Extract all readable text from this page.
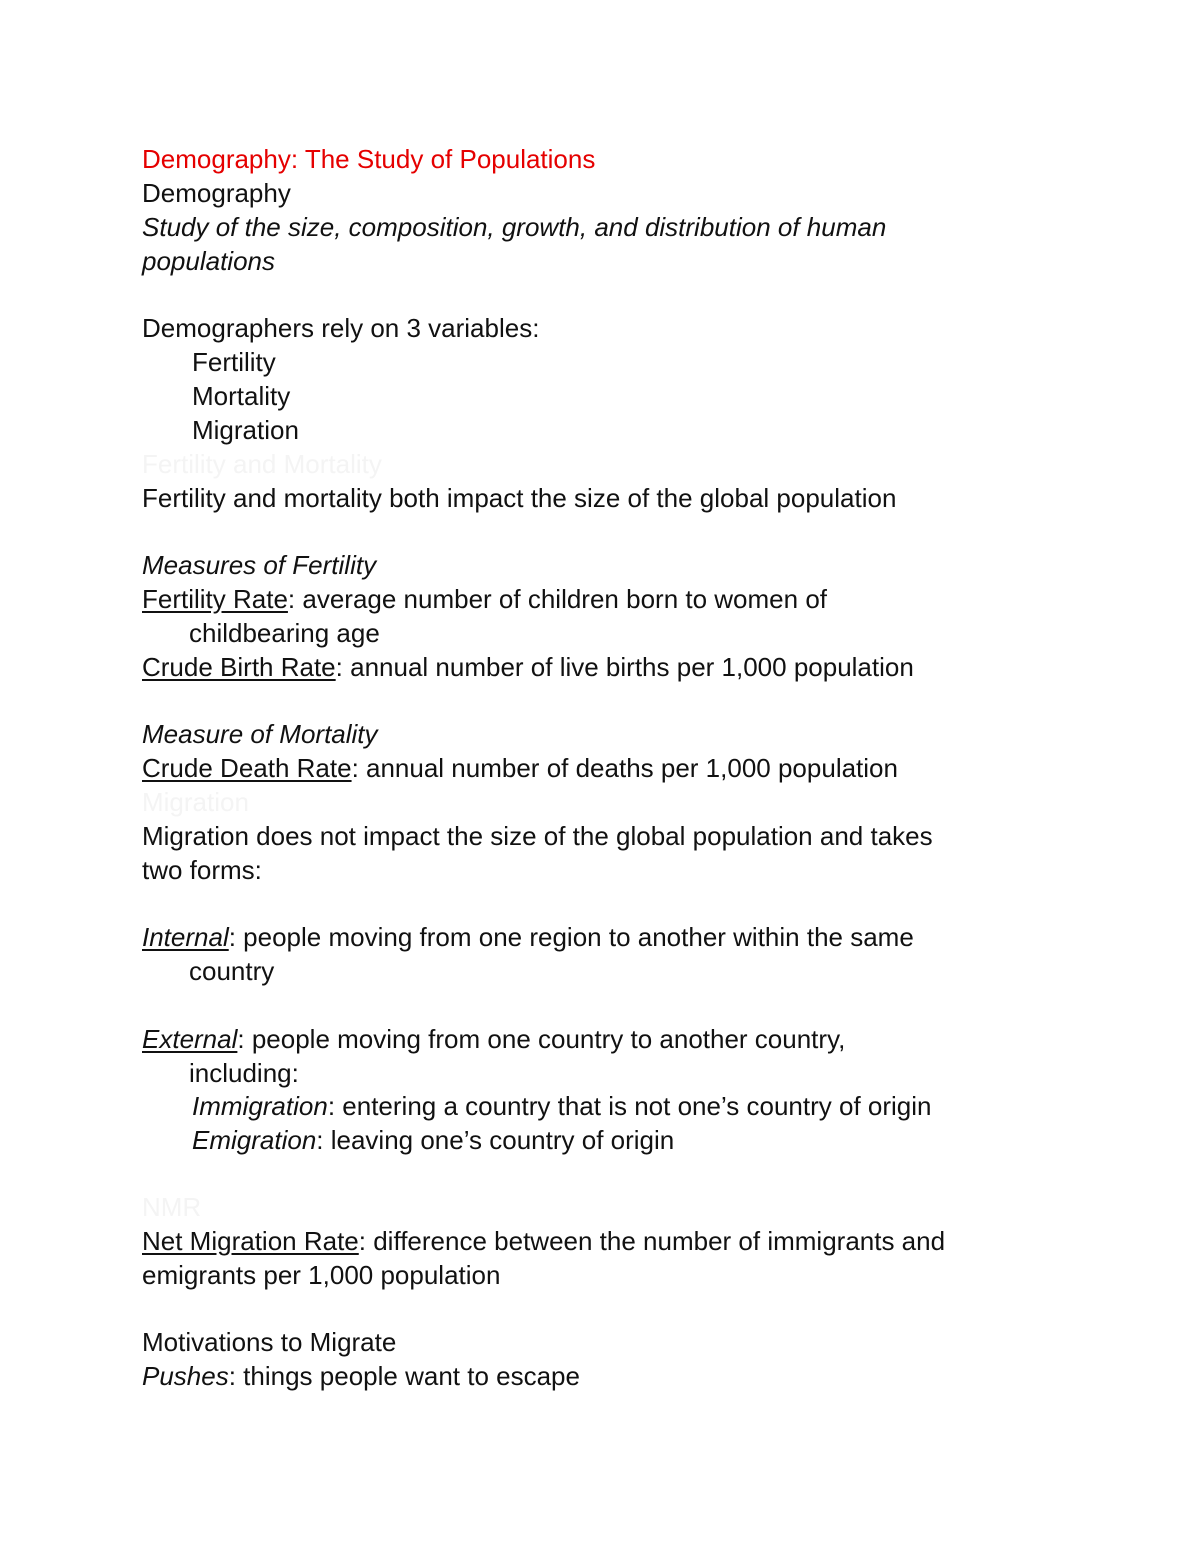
Demography: The Study of Populations
Demography
Study of the size, composition, growth, and distribution of human
populations
Demographers rely on 3 variables:
Fertility
Mortality
Migration
Fertility and Mortality
Fertility and mortality both impact the size of the global population
Measures of Fertility
Fertility Rate: average number of children born to women of
childbearing age
Crude Birth Rate: annual number of live births per 1,000 population
Measure of Mortality
Crude Death Rate: annual number of deaths per 1,000 population
Migration
Migration does not impact the size of the global population and takes
two forms:
Internal: people moving from one region to another within the same
country
External: people moving from one country to another country,
including:
Immigration: entering a country that is not one’s country of origin
Emigration: leaving one’s country of origin
NMR
Net Migration Rate: difference between the number of immigrants and
emigrants per 1,000 population
Motivations to Migrate
Pushes: things people want to escape
